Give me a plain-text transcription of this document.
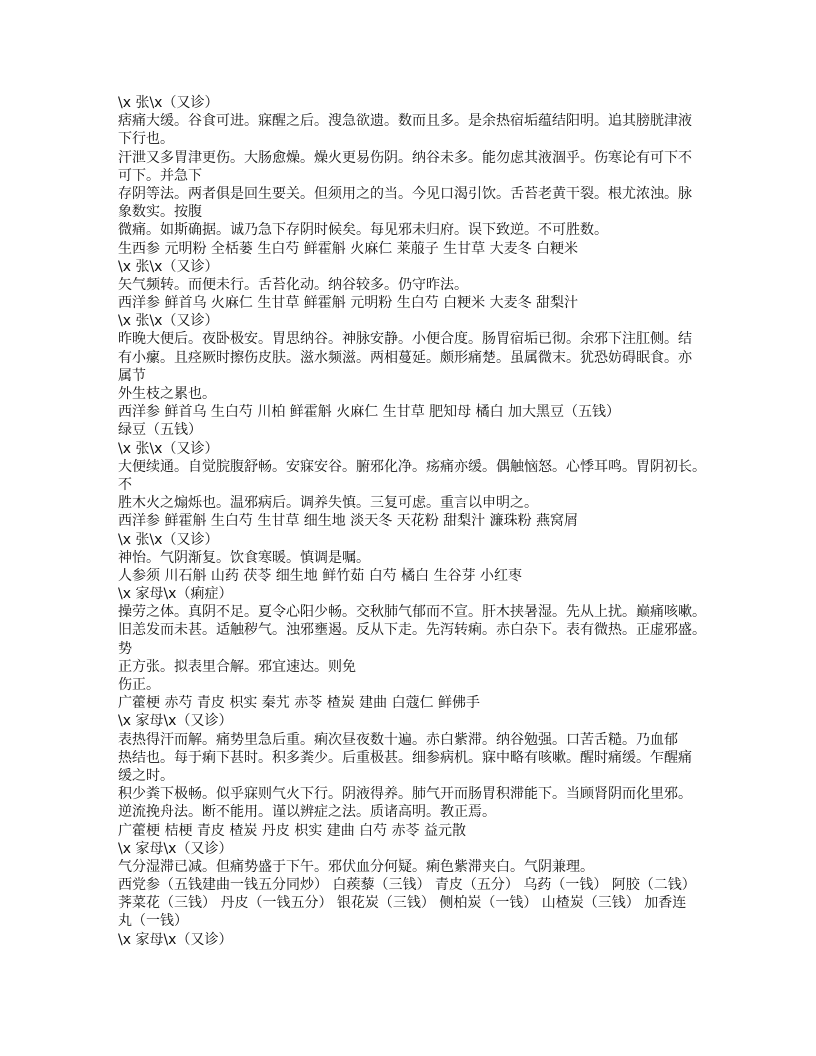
\x 张\x（又诊）
痞痛大缓。谷食可进。寐醒之后。溲急欲遗。数而且多。是余热宿垢蕴结阳明。追其膀胱津液
下行也。
汗泄又多胃津更伤。大肠愈燥。燥火更易伤阴。纳谷未多。能勿虑其液涸乎。伤寒论有可下不
可下。并急下
存阴等法。两者俱是回生要关。但须用之的当。今见口渴引饮。舌苔老黄干裂。根尤浓浊。脉
象数实。按腹
微痛。如斯确据。诚乃急下存阴时候矣。每见邪未归府。误下致逆。不可胜数。
生西参 元明粉 全栝蒌 生白芍 鲜霍斛 火麻仁 莱菔子 生甘草 大麦冬 白粳米
\x 张\x（又诊）
矢气频转。而便未行。舌苔化动。纳谷较多。仍守昨法。
西洋参 鲜首乌 火麻仁 生甘草 鲜霍斛 元明粉 生白芍 白粳米 大麦冬 甜梨汁
\x 张\x（又诊）
昨晚大便后。夜卧极安。胃思纳谷。神脉安静。小便合度。肠胃宿垢已彻。余邪下注肛侧。结
有小瘰。且痉厥时擦伤皮肤。滋水频滋。两相蔓延。颇形痛楚。虽属微末。犹恐妨碍眠食。亦
属节
外生枝之累也。
西洋参 鲜首乌 生白芍 川柏 鲜霍斛 火麻仁 生甘草 肥知母 橘白 加大黑豆（五钱）
绿豆（五钱）
\x 张\x（又诊）
大便续通。自觉脘腹舒畅。安寐安谷。腑邪化净。疡痛亦缓。偶触恼怒。心悸耳鸣。胃阴初长。
不
胜木火之煽烁也。温邪病后。调养失慎。三复可虑。重言以申明之。
西洋参 鲜霍斛 生白芍 生甘草 细生地 淡天冬 天花粉 甜梨汁 濂珠粉 燕窝屑
\x 张\x（又诊）
神怡。气阴渐复。饮食寒暖。慎调是嘱。
人参须 川石斛 山药 茯苓 细生地 鲜竹茹 白芍 橘白 生谷芽 小红枣
\x 家母\x（痢症）
操劳之体。真阴不足。夏令心阳少畅。交秋肺气郁而不宣。肝木挟暑湿。先从上扰。巅痛咳嗽。
旧恙发而未甚。适触秽气。浊邪壅遏。反从下走。先泻转痢。赤白杂下。表有微热。正虚邪盛。
势
正方张。拟表里合解。邪宜速达。则免
伤正。
广藿梗 赤芍 青皮 枳实 秦艽 赤苓 楂炭 建曲 白蔻仁 鲜佛手
\x 家母\x（又诊）
表热得汗而解。痛势里急后重。痢次昼夜数十遍。赤白紫滞。纳谷勉强。口苦舌糙。乃血郁
热结也。每于痢下甚时。积多粪少。后重极甚。细参病机。寐中略有咳嗽。醒时痛缓。乍醒痛
缓之时。
积少粪下极畅。似乎寐则气火下行。阴液得养。肺气开而肠胃积滞能下。当顾肾阴而化里邪。
逆流挽舟法。断不能用。谨以辨症之法。质诸高明。教正焉。
广藿梗 桔梗 青皮 楂炭 丹皮 枳实 建曲 白芍 赤苓 益元散
\x 家母\x（又诊）
气分湿滞已减。但痛势盛于下午。邪伏血分何疑。痢色紫滞夹白。气阴兼理。
西党参（五钱建曲一钱五分同炒） 白蒺藜（三钱） 青皮（五分） 乌药（一钱） 阿胶（二钱）
荠菜花（三钱） 丹皮（一钱五分） 银花炭（三钱） 侧柏炭（一钱） 山楂炭（三钱） 加香连
丸（一钱）
\x 家母\x（又诊）
